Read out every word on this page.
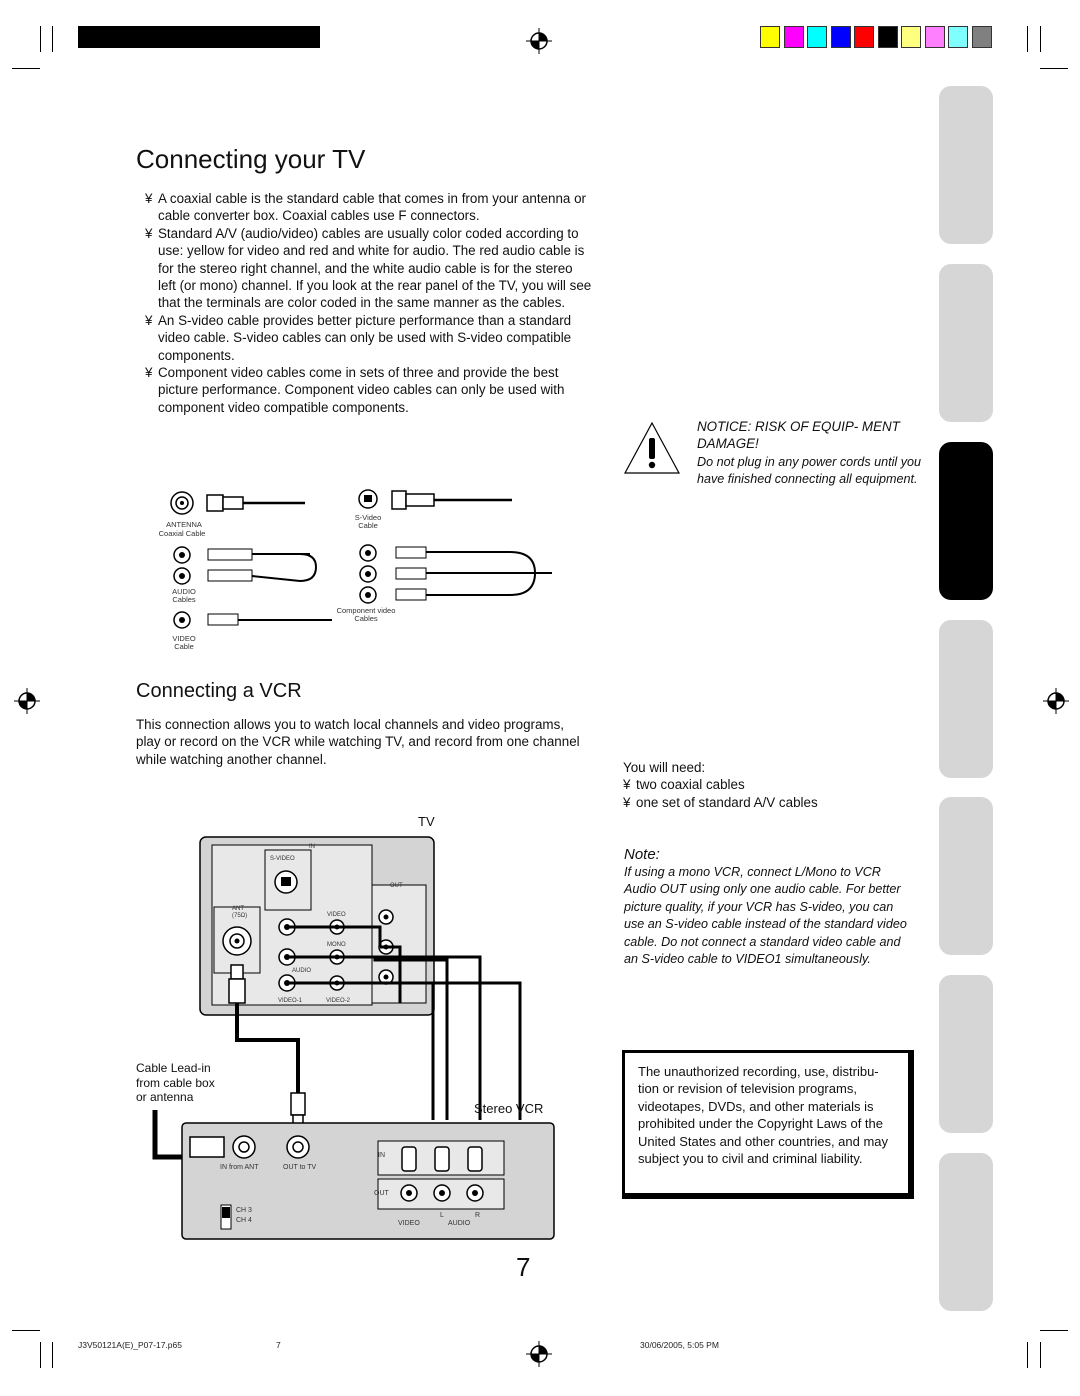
Connecting your TV
¥ A coaxial cable is the standard cable that comes in from your antenna or cable converter box. Coaxial cables use F connectors.
¥ Standard A/V (audio/video) cables are usually color coded according to use: yellow for video and red and white for audio. The red audio cable is for the stereo right channel, and the white audio cable is for the stereo left (or mono) channel. If you look at the rear panel of the TV, you will see that the terminals are color coded in the same manner as the cables.
¥ An S-video cable provides better picture performance than a standard video cable. S-video cables can only be used with S-video compatible components.
¥ Component video cables come in sets of three and provide the best picture performance. Component video cables can only be used with component video compatible components.
ANTENNA
Coaxial Cable
AUDIO
Cables
VIDEO
Cable
S-Video
Cable
Component video
Cables
NOTICE: RISK OF EQUIP- MENT DAMAGE!
Do not plug in any power cords until you have finished connecting all equipment.
Connecting a VCR

This connection allows you to watch local channels and video programs, play or record on the VCR while watching TV, and record from one channel while watching another channel.

You will need:
¥ two coaxial cables
¥ one set of standard A/V cables
Note:
If using a mono VCR, connect L/Mono to VCR Audio OUT using only one audio cable. For better picture quality, if your VCR has S-video, you can use an S-video cable instead of the standard video cable. Do not connect a standard video cable and an S-video cable to VIDEO1 simultaneously.
The unauthorized recording, use, distribu- tion or revision of television programs, videotapes, DVDs, and other materials is prohibited under the Copyright Laws of the United States and other countries, and may subject you to civil and criminal liability.
TV
IN
S-VIDEO
OUT
ANT
(75Ω)	VIDEO
MONO
AUDIO
VIDEO-1	VIDEO-2
Cable Lead-in
from cable box
or antenna
Stereo VCR
IN from ANT	OUT to TV
CH 3
CH 4
IN
OUT
VIDEO	AUDIO
L	R
7
J3V50121A(E)_P07-17.p65	7	30/06/2005, 5:05 PM
